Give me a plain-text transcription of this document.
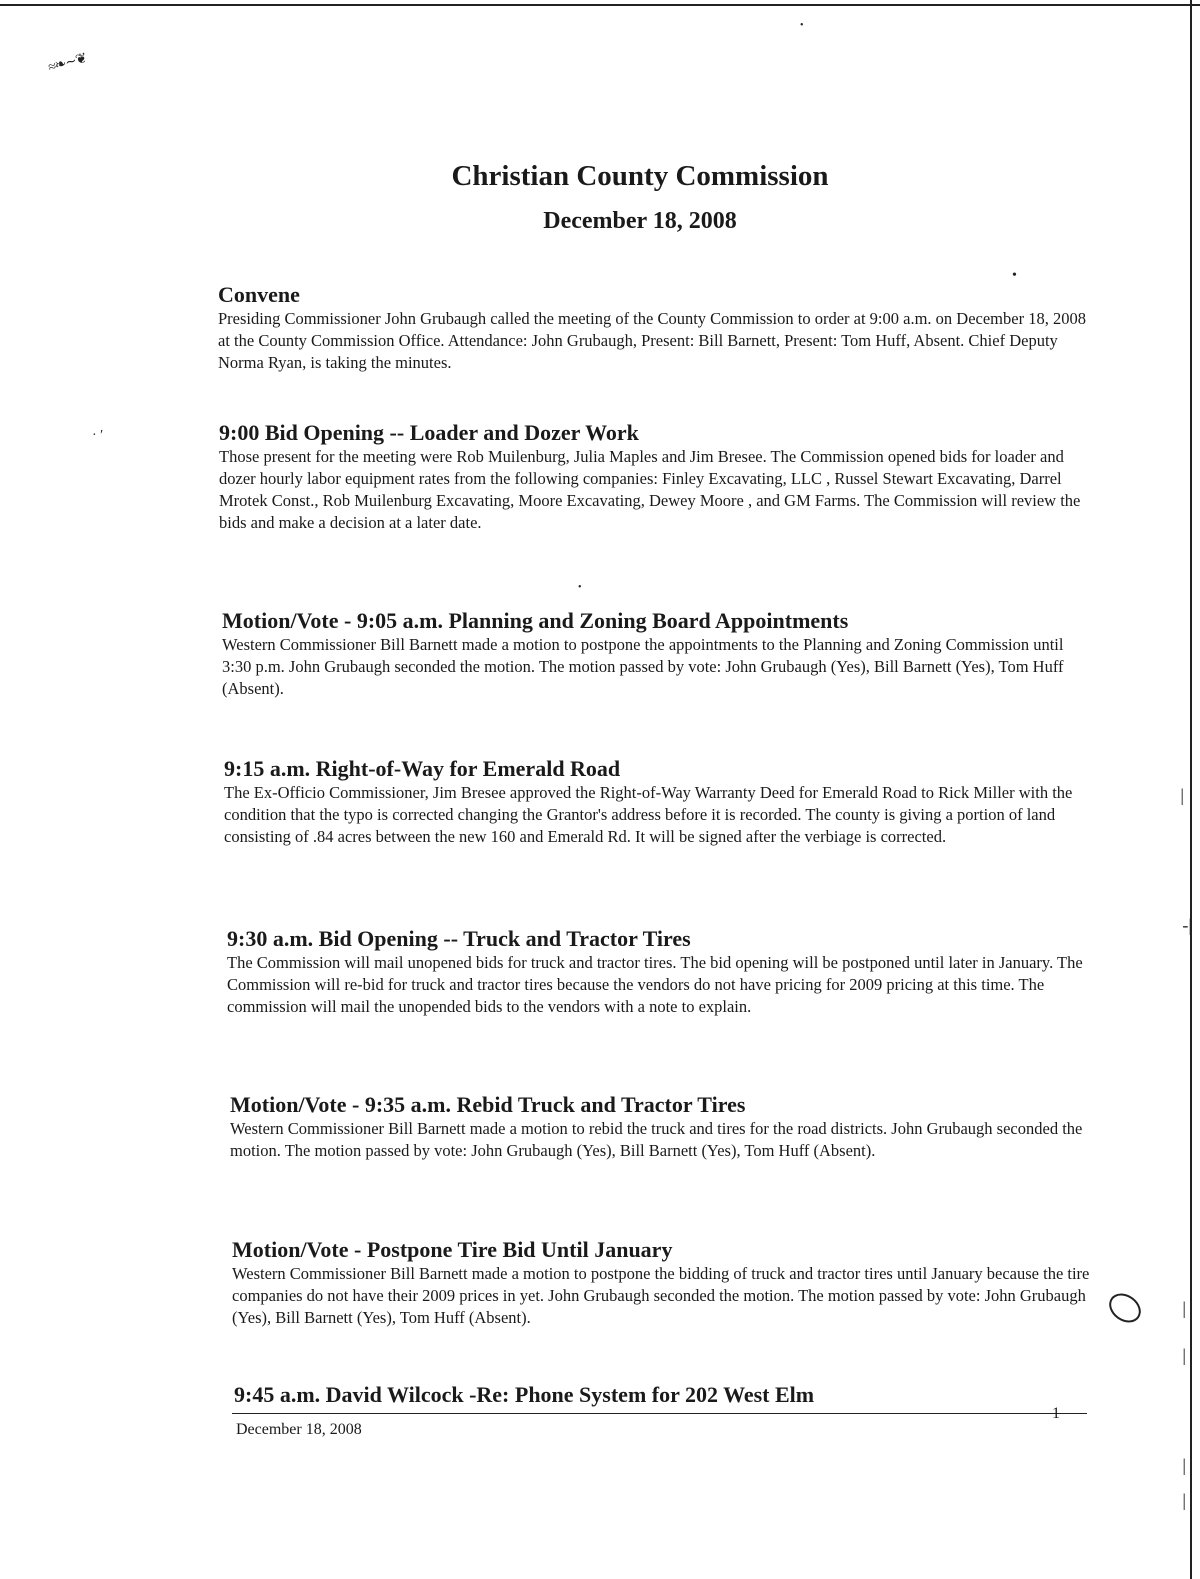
≈❧∼❦
· ′
•
•
•
|
-|
|
|
|
|
Christian County Commission
December 18, 2008
Convene

Presiding Commissioner John Grubaugh called the meeting of the County Commission to order at 9:00 a.m. on December 18, 2008 at the County Commission Office. Attendance: John Grubaugh, Present: Bill Barnett, Present: Tom Huff, Absent. Chief Deputy Norma Ryan, is taking the minutes.

9:00 Bid Opening -- Loader and Dozer Work

Those present for the meeting were Rob Muilenburg, Julia Maples and Jim Bresee. The Commission opened bids for loader and dozer hourly labor equipment rates from the following companies: Finley Excavating, LLC , Russel Stewart Excavating, Darrel Mrotek Const., Rob Muilenburg Excavating, Moore Excavating, Dewey Moore , and GM Farms. The Commission will review the bids and make a decision at a later date.

Motion/Vote - 9:05 a.m. Planning and Zoning Board Appointments

Western Commissioner Bill Barnett made a motion to postpone the appointments to the Planning and Zoning Commission until 3:30 p.m. John Grubaugh seconded the motion. The motion passed by vote: John Grubaugh (Yes), Bill Barnett (Yes), Tom Huff (Absent).

9:15 a.m. Right-of-Way for Emerald Road

The Ex-Officio Commissioner, Jim Bresee approved the Right-of-Way Warranty Deed for Emerald Road to Rick Miller with the condition that the typo is corrected changing the Grantor's address before it is recorded. The county is giving a portion of land consisting of .84 acres between the new 160 and Emerald Rd. It will be signed after the verbiage is corrected.

9:30 a.m. Bid Opening -- Truck and Tractor Tires

The Commission will mail unopened bids for truck and tractor tires. The bid opening will be postponed until later in January. The Commission will re-bid for truck and tractor tires because the vendors do not have pricing for 2009 pricing at this time. The commission will mail the unopended bids to the vendors with a note to explain.

Motion/Vote - 9:35 a.m. Rebid Truck and Tractor Tires

Western Commissioner Bill Barnett made a motion to rebid the truck and tires for the road districts. John Grubaugh seconded the motion. The motion passed by vote: John Grubaugh (Yes), Bill Barnett (Yes), Tom Huff (Absent).

Motion/Vote - Postpone Tire Bid Until January

Western Commissioner Bill Barnett made a motion to postpone the bidding of truck and tractor tires until January because the tire companies do not have their 2009 prices in yet. John Grubaugh seconded the motion. The motion passed by vote: John Grubaugh (Yes), Bill Barnett (Yes), Tom Huff (Absent).

9:45 a.m. David Wilcock -Re: Phone System for 202 West Elm
December 18, 2008
1
